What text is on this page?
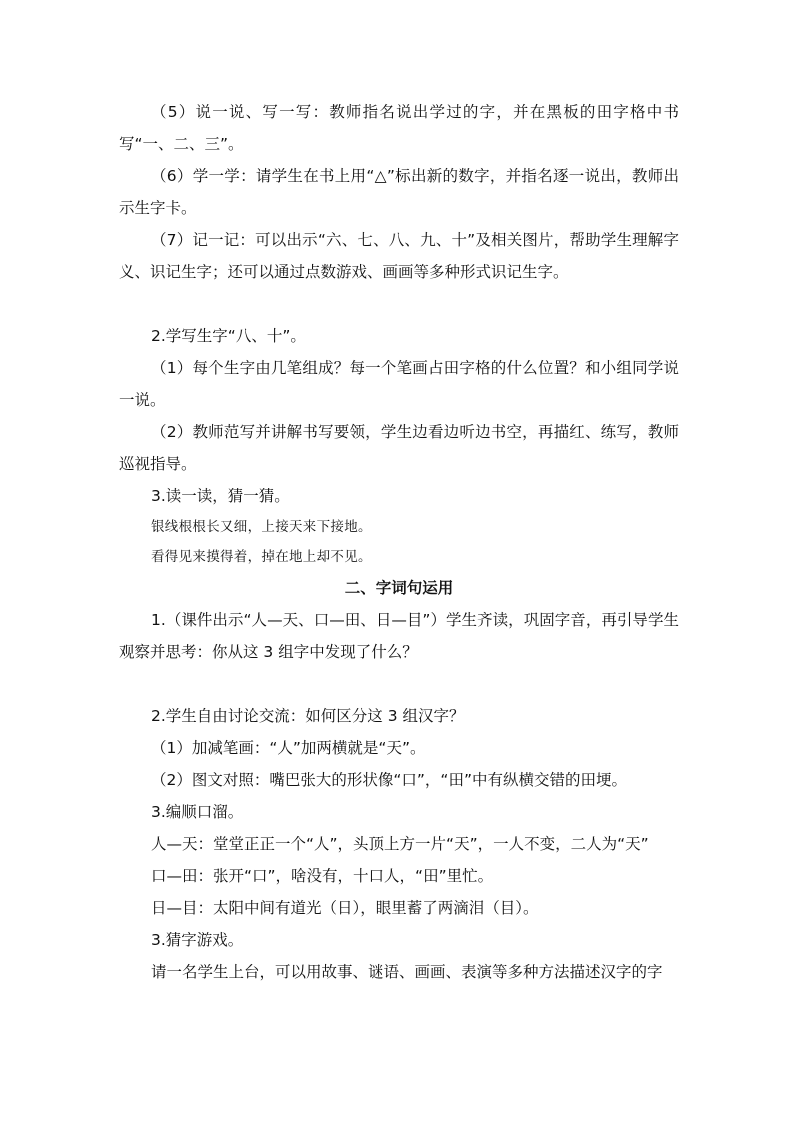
（5）说一说、写一写：教师指名说出学过的字，并在黑板的田字格中书写“一、二、三”。

（6）学一学：请学生在书上用“△”标出新的数字，并指名逐一说出，教师出示生字卡。

（7）记一记：可以出示“六、七、八、九、十”及相关图片，帮助学生理解字义、识记生字；还可以通过点数游戏、画画等多种形式识记生字。

2.学写生字“八、十”。

（1）每个生字由几笔组成？每一个笔画占田字格的什么位置？和小组同学说一说。

（2）教师范写并讲解书写要领，学生边看边听边书空，再描红、练写，教师巡视指导。

3.读一读，猜一猜。

银线根根长又细，上接天来下接地。

看得见来摸得着，掉在地上却不见。

二、字词句运用

1.（课件出示“人—天、口—田、日—目”）学生齐读，巩固字音，再引导学生观察并思考：你从这 3 组字中发现了什么？

2.学生自由讨论交流：如何区分这 3 组汉字？

（1）加减笔画：“人”加两横就是“天”。

（2）图文对照：嘴巴张大的形状像“口”，“田”中有纵横交错的田埂。

3.编顺口溜。

人—天：堂堂正正一个“人”，头顶上方一片“天”，一人不变，二人为“天”

口—田：张开“口”，啥没有，十口人，“田”里忙。

日—目：太阳中间有道光（日），眼里蓄了两滴泪（目）。

3.猜字游戏。

请一名学生上台，可以用故事、谜语、画画、表演等多种方法描述汉字的字
